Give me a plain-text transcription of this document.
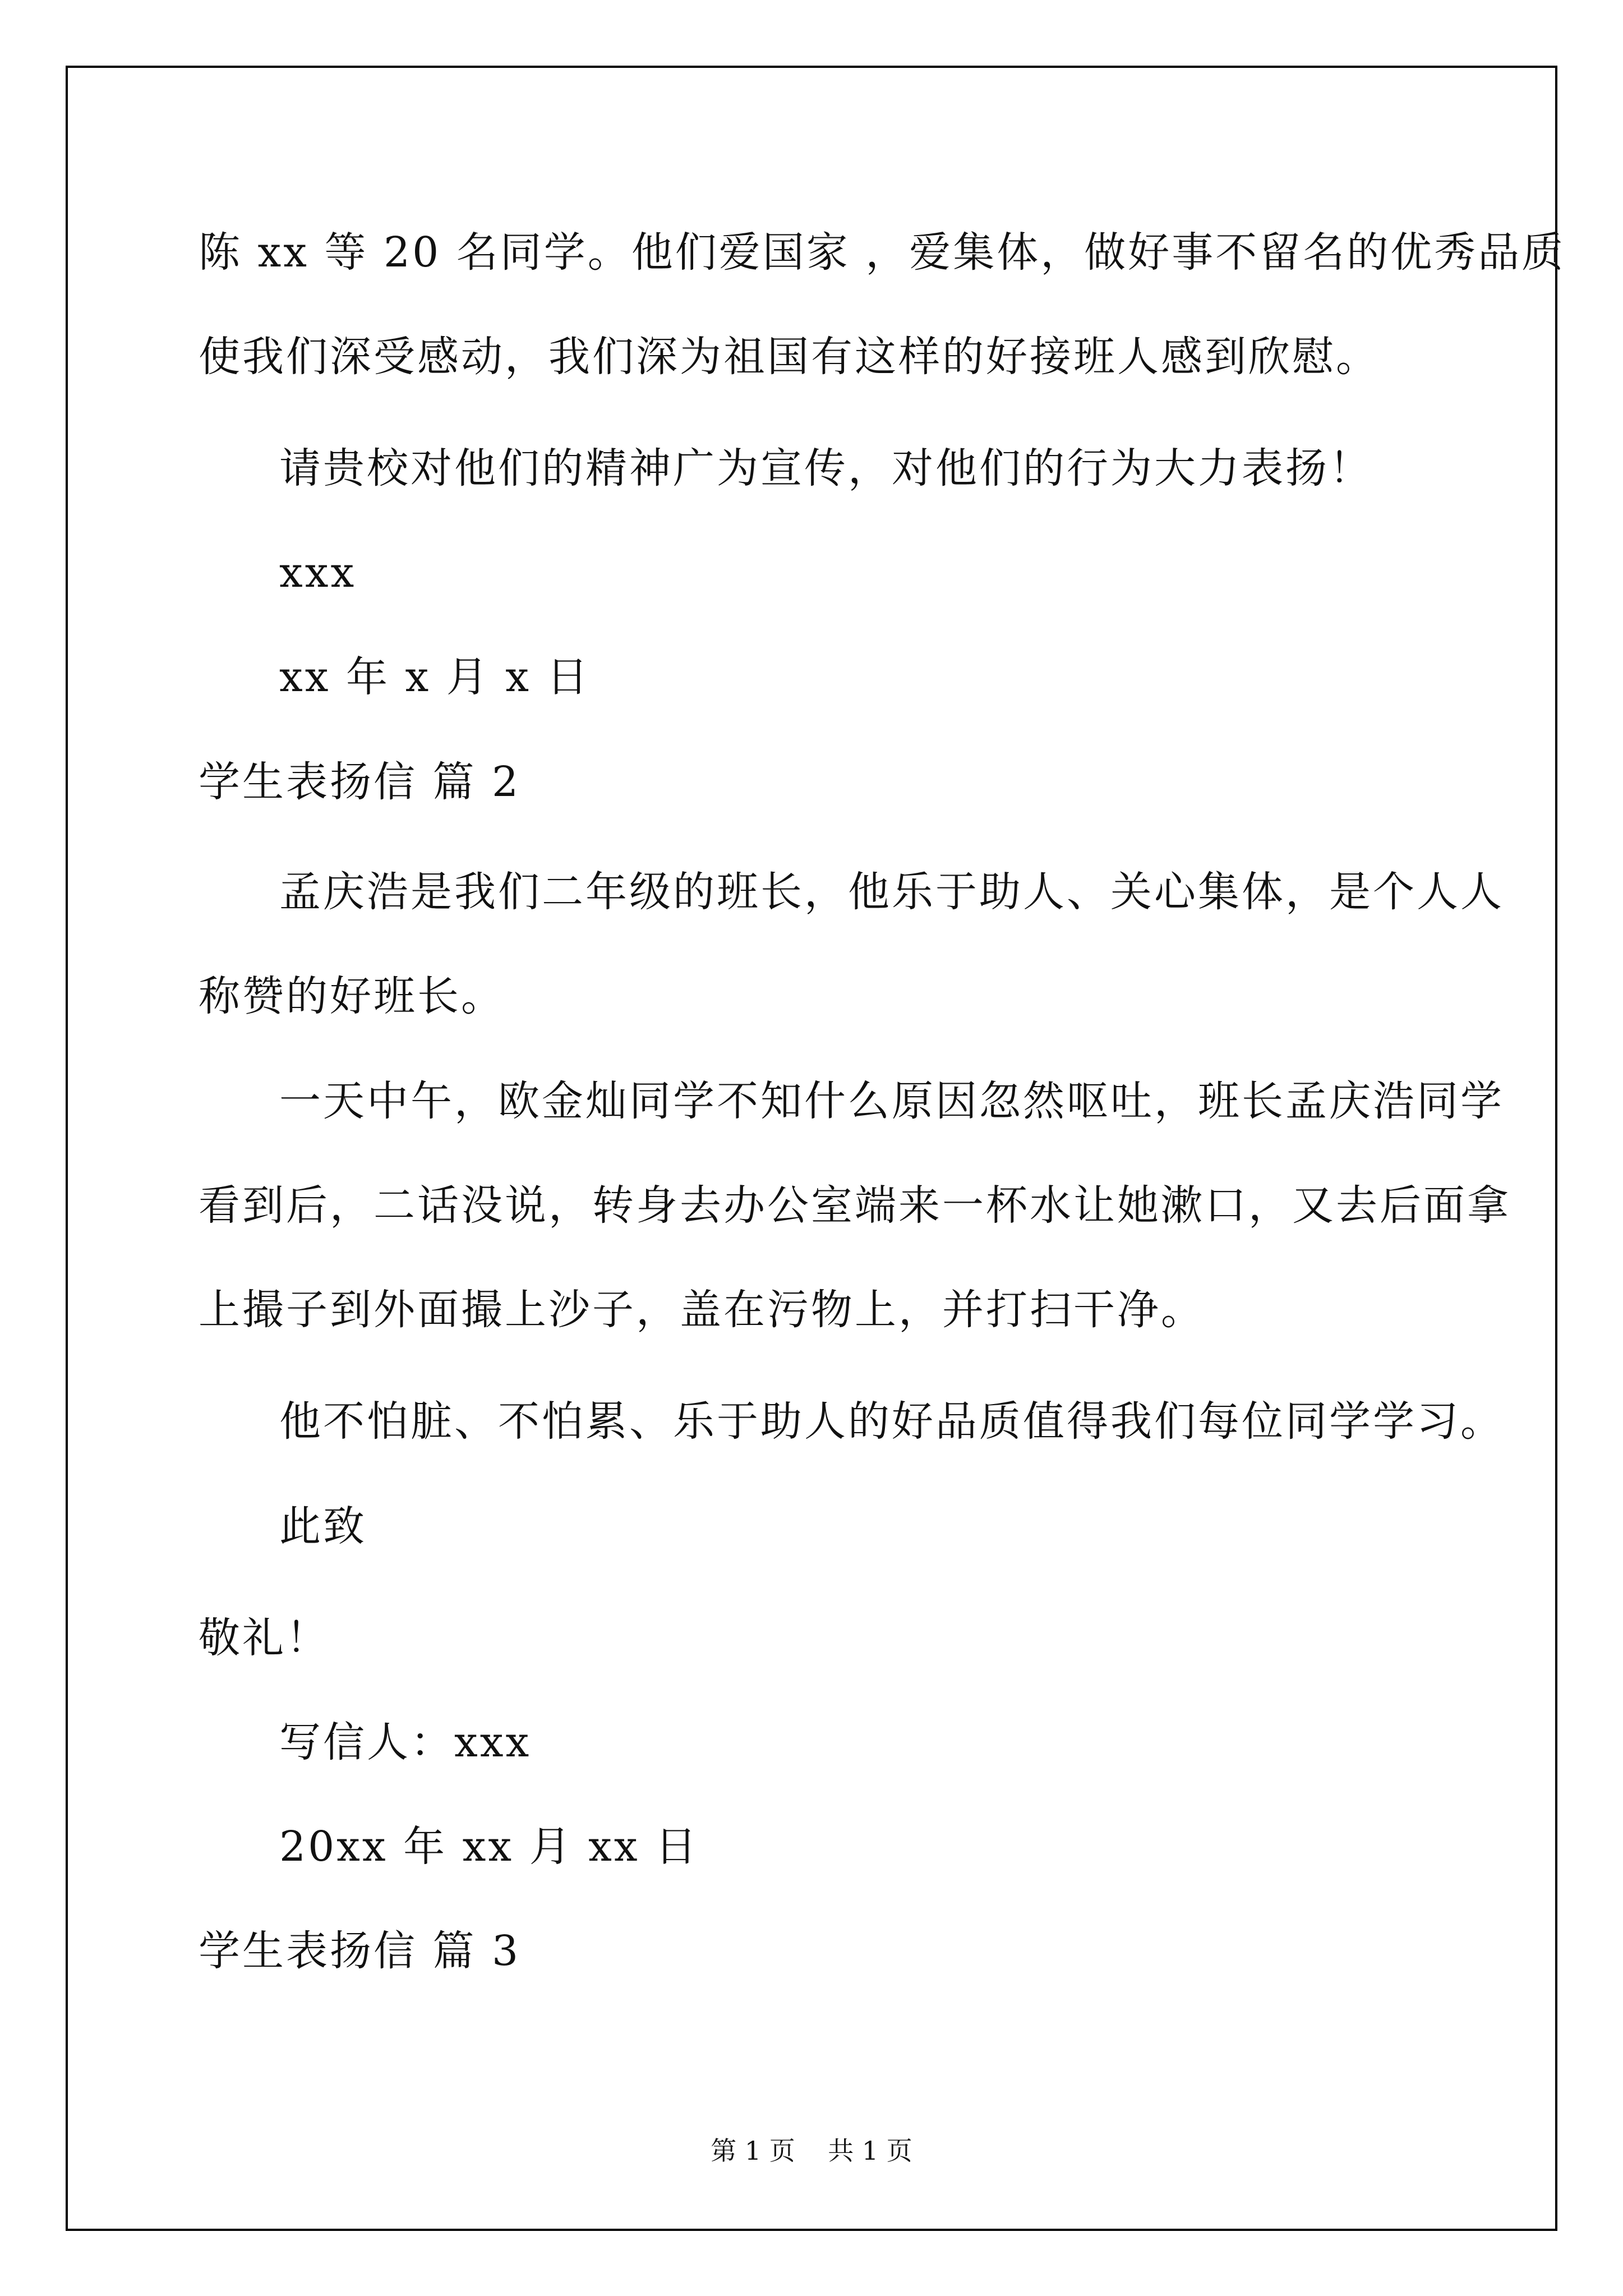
陈 xx 等 20 名同学。他们爱国家 ，爱集体，做好事不留名的优秀品质
使我们深受感动，我们深为祖国有这样的好接班人感到欣慰。
请贵校对他们的精神广为宣传，对他们的行为大力表扬！
xxx
xx 年 x 月 x 日
学生表扬信 篇 2
孟庆浩是我们二年级的班长，他乐于助人、关心集体，是个人人
称赞的好班长。
一天中午，欧金灿同学不知什么原因忽然呕吐，班长孟庆浩同学
看到后，二话没说，转身去办公室端来一杯水让她漱口，又去后面拿
上撮子到外面撮上沙子，盖在污物上，并打扫干净。
他不怕脏、不怕累、乐于助人的好品质值得我们每位同学学习。
此致
敬礼！
写信人：xxx
20xx 年 xx 月 xx 日
学生表扬信 篇 3
第 1 页    共 1 页
